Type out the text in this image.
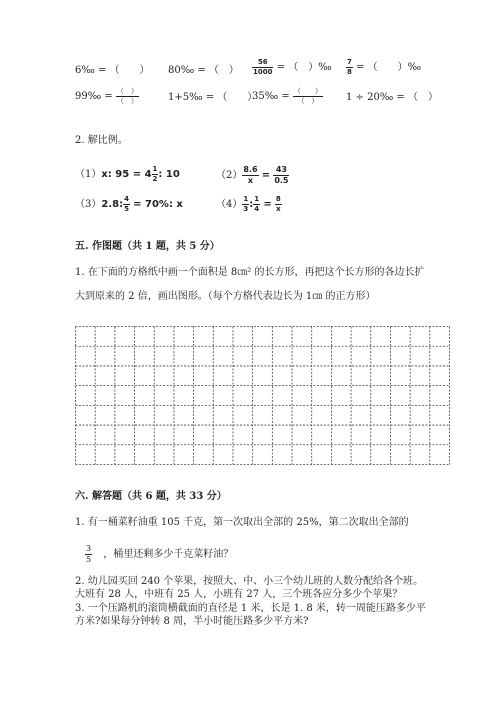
6‰ = （　　） 80‰ = （　） $\frac{56}{1000}$ = （　）‰ $\frac{7}{8}$ = （　　）‰
99‰ = $\frac{( )}{( )}$	1+5‰ = （　　）
35‰ = $\frac{( )}{( )} 1$ ÷ 20‰ = （　）
2. 解比例。
（1）x: $95 = 4 \frac{1}{2}$ : 10	$(2) \frac{8.6}{x} = \frac{43}{0.5}$
（3）2.8: $\frac{4}{5} = 70\%$: x	$(4) \frac{1}{3}$ : $\frac{1}{4} = \frac{8}{x}$
五. 作图题（共 1 题，共 5 分）
1. 在下面的方格纸中画一个面积是 8㎝² 的长方形，再把这个长方形的各边长扩
大到原来的 2 倍，画出图形。（每个方格代表边长为 1㎝ 的正方形）
六. 解答题（共 6 题，共 33 分）
1. 有一桶菜籽油重 105 千克，第一次取出全部的 25%，第二次取出全部的
$\frac{3}{5}$ ，桶里还剩多少千克菜籽油？
2. 幼儿园买回 240 个苹果，按照大、中、小三个幼儿班的人数分配给各个班。
大班有 28 人，中班有 25 人，小班有 27 人，三个班各应分多少个苹果？
3. 一个压路机的滚筒横截面的直径是 1 米，长是 1. 8 米，转一周能压路多少平
方米?如果每分钟转 8 周，半小时能压路多少平方米?
